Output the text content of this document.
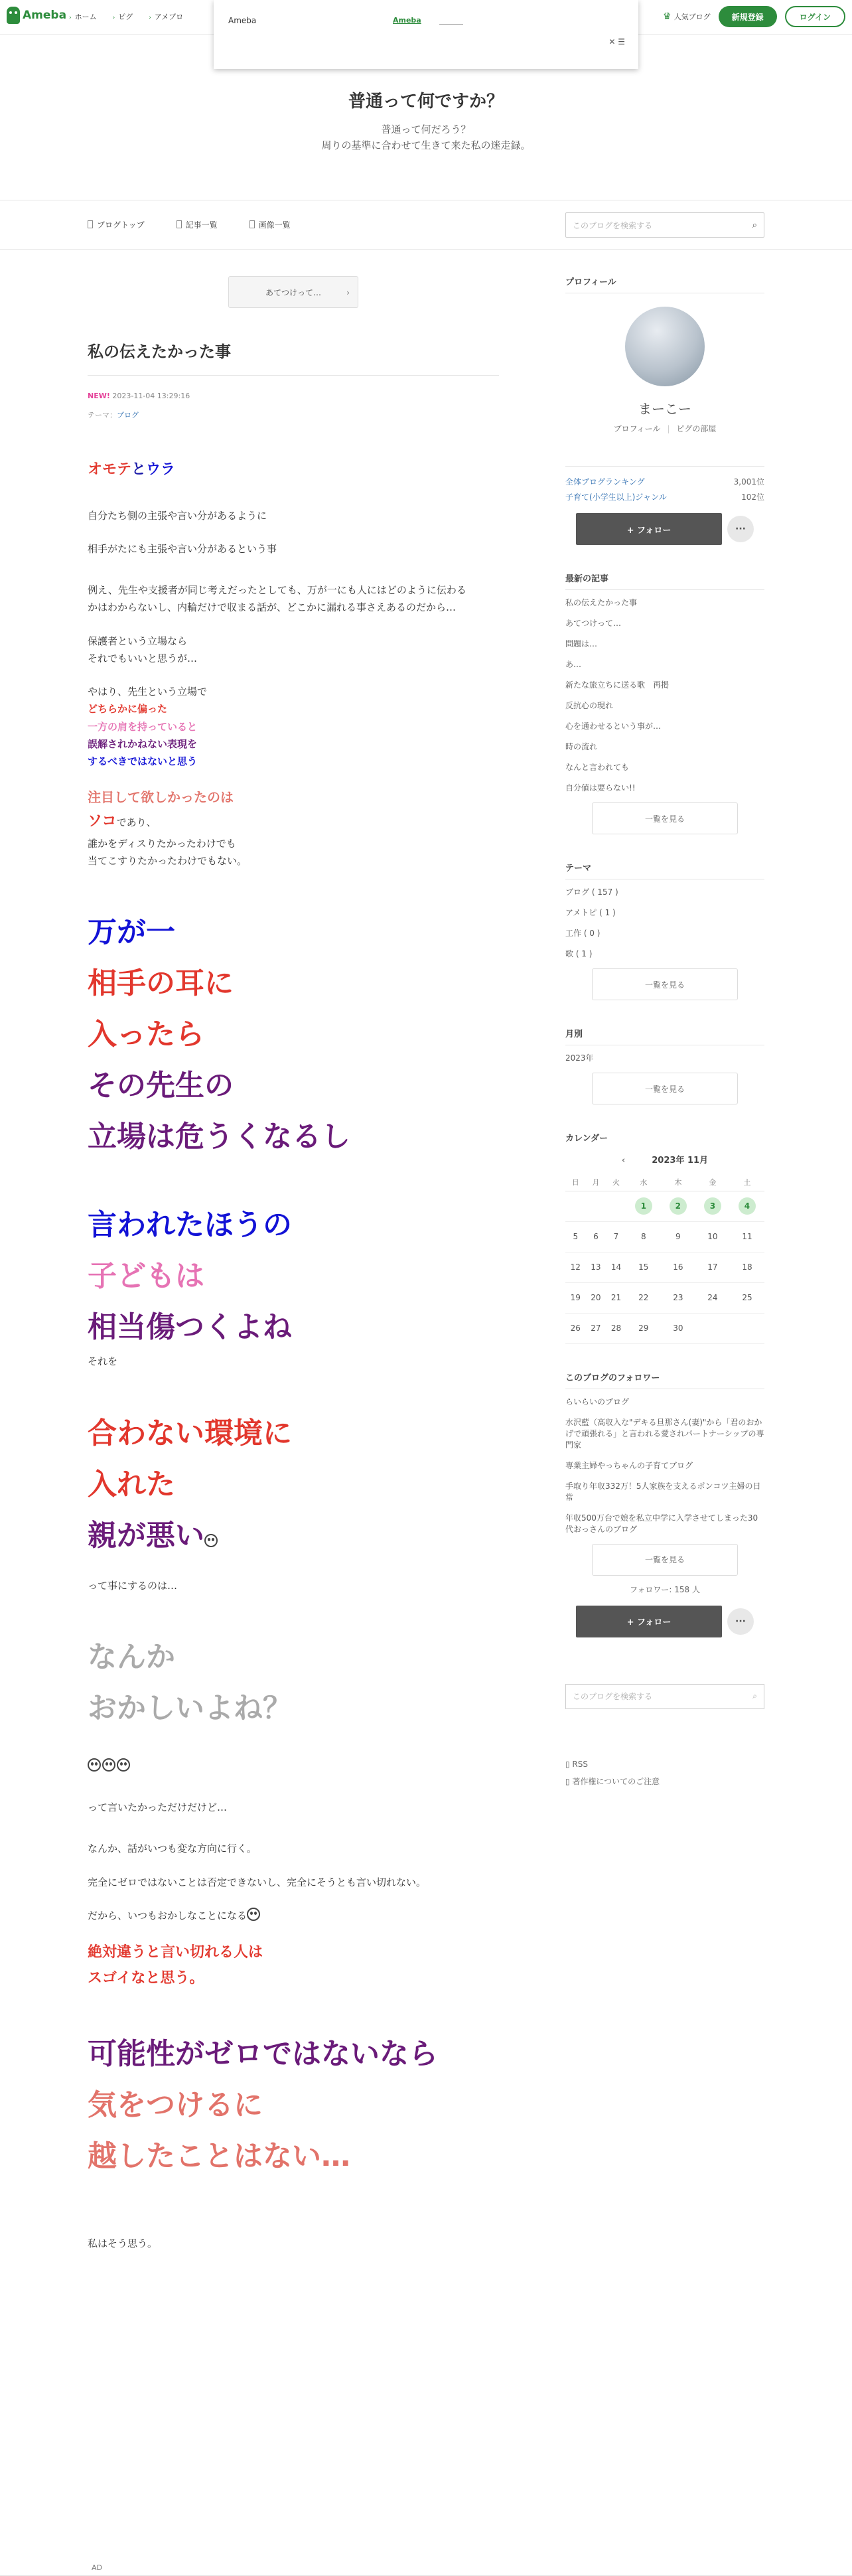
Ameba › ホーム	› ピグ	› アメブロ	♛ 人気ブログ	新規登録	ログイン
Ameba	Ameba
✕ ☰
普通って何ですか？

普通って何だろう？

周りの基準に合わせて生きて来た私の迷走録。

ブログトップ	記事一覧	画像一覧	このブログを検索する	⌕
あてつけって…	›
私の伝えたかった事
NEW! 2023-11-04 13:29:16
テーマ：ブログ

オモテとウラ

自分たち側の主張や言い分があるように

相手がたにも主張や言い分があるという事

例え、先生や支援者が同じ考えだったとしても、万が一にも人にはどのように伝わる

かはわからないし、内輪だけで収まる話が、どこかに漏れる事さえあるのだから…

保護者という立場なら

それでもいいと思うが…

やはり、先生という立場で

どちらかに偏った

一方の肩を持っていると

誤解されかねない表現を

するべきではないと思う

注目して欲しかったのは

ソコであり、

誰かをディスりたかったわけでも

当てこすりたかったわけでもない。

万が一

相手の耳に

入ったら

その先生の

立場は危うくなるし

言われたほうの

子どもは

相当傷つくよね

それを

合わない環境に

入れた

親が悪い

って事にするのは…

なんか

おかしいよね？

って言いたかっただけだけど…

なんか、話がいつも変な方向に行く。

完全にゼロではないことは否定できないし、完全にそうとも言い切れない。

だから、いつもおかしなことになる

絶対違うと言い切れる人は

スゴイなと思う。

可能性がゼロではないなら

気をつけるに

越したことはない…

私はそう思う。

プロフィール
まーこー
プロフィール | ピグの部屋
全体ブログランキング	3,001位
子育て(小学生以上)ジャンル	102位
+ フォロー	···
最新の記事
私の伝えたかった事
あてつけって…
問題は…
あ…
新たな旅立ちに送る歌　再掲
反抗心の現れ
心を通わせるという事が…
時の流れ
なんと言われても
自分値は要らない!!
一覧を見る
テーマ
ブログ ( 157 )
アメトピ ( 1 )
工作 ( 0 )
歌 ( 1 )
一覧を見る
月別
2023年
一覧を見る
カレンダー
‹	2023年 11月
日	月	火	水	木	金	土
			1	2	3	4
5	6	7	8	9	10	11
12	13	14	15	16	17	18
19	20	21	22	23	24	25
26	27	28	29	30		
このブログのフォロワー
らいらいのブログ
水沢藍（高収入な"デキる旦那さん(妻)"から「君のおかげで頑張れる」と言われる愛されパートナーシップの専門家
専業主婦やっちゃんの子育てブログ
手取り年収332万！5人家族を支えるポンコツ主婦の日常
年収500万台で娘を私立中学に入学させてしまった30代おっさんのブログ
一覧を見る
フォロワー: 158 人
+ フォロー	···
このブログを検索する	⌕
▯ RSS
▯ 著作権についてのご注意
AD
